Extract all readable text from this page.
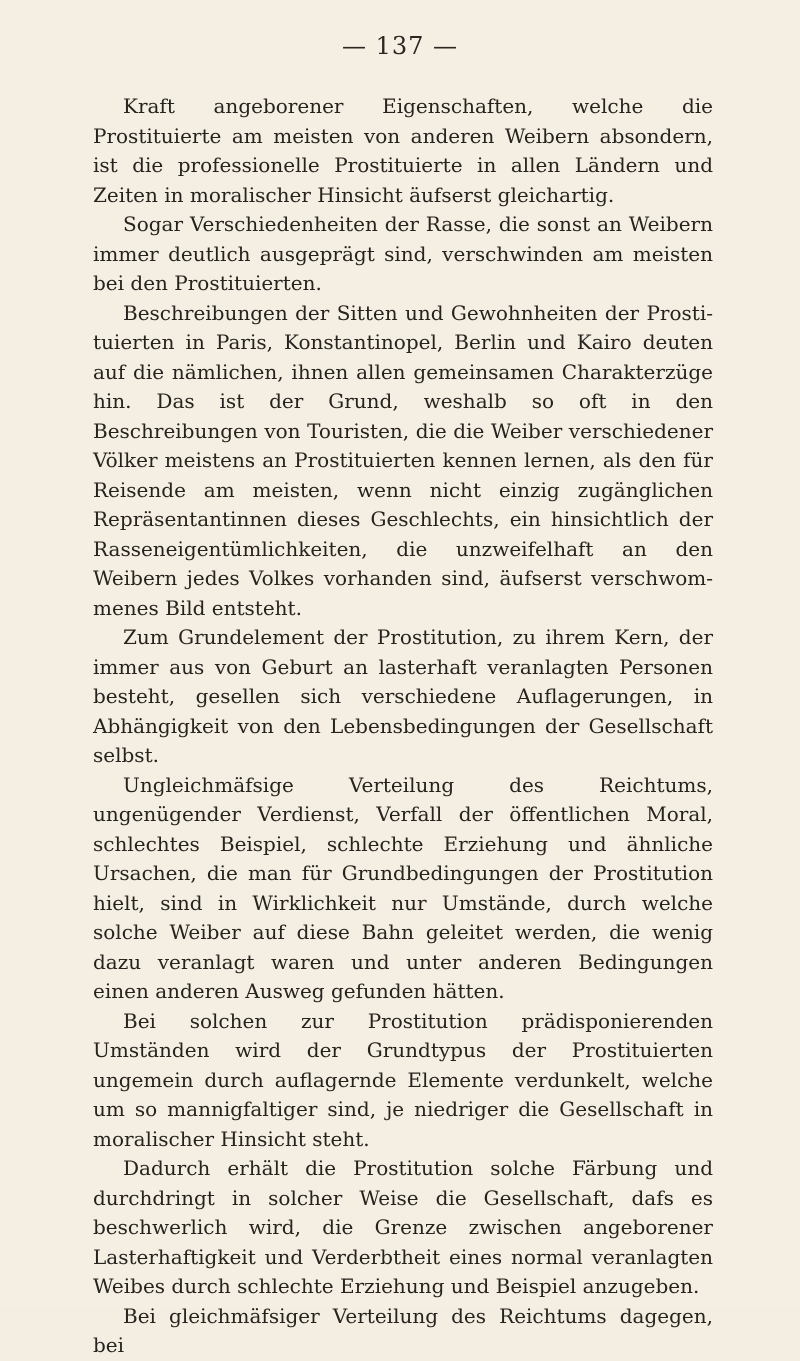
— 137 —

Kraft angeborener Eigenschaften, welche die Prostituierte am meisten von anderen Weibern absondern, ist die professionelle Prostituierte in allen Ländern und Zeiten in moralischer Hinsicht äufserst gleichartig.

Sogar Verschiedenheiten der Rasse, die sonst an Weibern immer deutlich ausgeprägt sind, verschwinden am meisten bei den Prostituierten.

Beschreibungen der Sitten und Gewohnheiten der Prostituierten in Paris, Konstantinopel, Berlin und Kairo deuten auf die nämlichen, ihnen allen gemeinsamen Charakterzüge hin. Das ist der Grund, weshalb so oft in den Beschreibungen von Touristen, die die Weiber verschiedener Völker meistens an Prostituierten kennen lernen, als den für Reisende am meisten, wenn nicht einzig zugänglichen Repräsentantinnen dieses Geschlechts, ein hinsichtlich der Rasseneigentümlichkeiten, die unzweifelhaft an den Weibern jedes Volkes vorhanden sind, äufserst verschwommenes Bild entsteht.

Zum Grundelement der Prostitution, zu ihrem Kern, der immer aus von Geburt an lasterhaft veranlagten Personen besteht, gesellen sich verschiedene Auflagerungen, in Abhängigkeit von den Lebensbedingungen der Gesellschaft selbst.

Ungleichmäfsige Verteilung des Reichtums, ungenügender Verdienst, Verfall der öffentlichen Moral, schlechtes Beispiel, schlechte Erziehung und ähnliche Ursachen, die man für Grundbedingungen der Prostitution hielt, sind in Wirklichkeit nur Umstände, durch welche solche Weiber auf diese Bahn geleitet werden, die wenig dazu veranlagt waren und unter anderen Bedingungen einen anderen Ausweg gefunden hätten.

Bei solchen zur Prostitution prädisponierenden Umständen wird der Grundtypus der Prostituierten ungemein durch auflagernde Elemente verdunkelt, welche um so mannigfaltiger sind, je niedriger die Gesellschaft in moralischer Hinsicht steht.

Dadurch erhält die Prostitution solche Färbung und durchdringt in solcher Weise die Gesellschaft, dafs es beschwerlich wird, die Grenze zwischen angeborener Lasterhaftigkeit und Verderbtheit eines normal veranlagten Weibes durch schlechte Erziehung und Beispiel anzugeben.

Bei gleichmäfsiger Verteilung des Reichtums dagegen, bei
